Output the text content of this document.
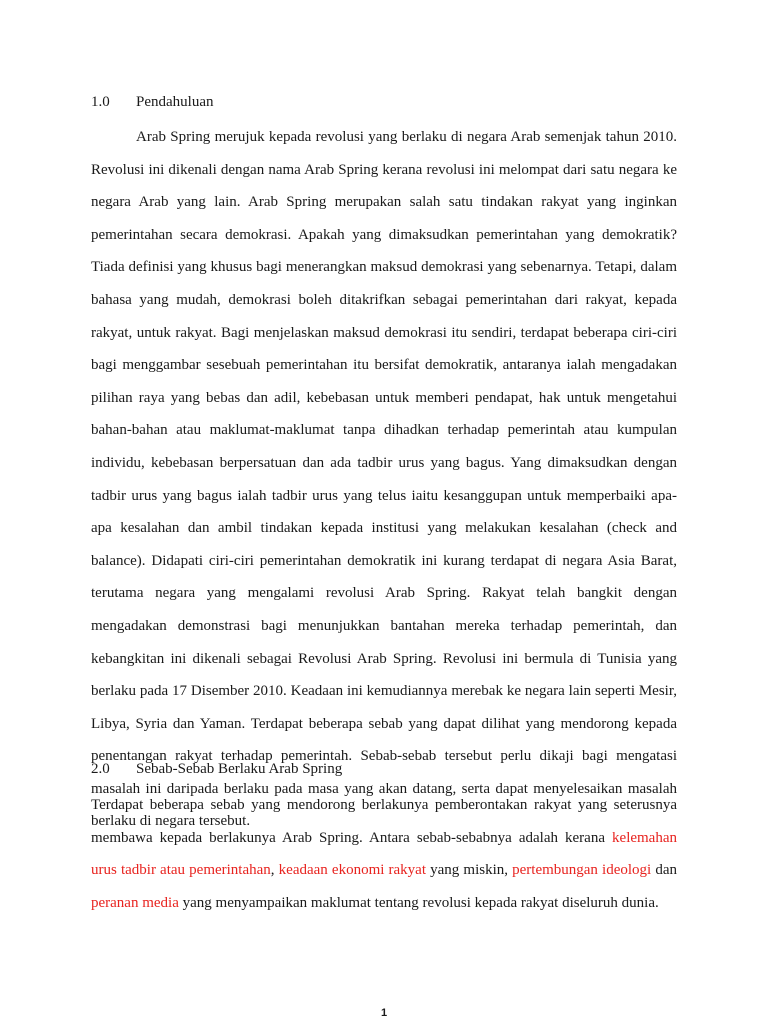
1.0 Pendahuluan

Arab Spring merujuk kepada revolusi yang berlaku di negara Arab semenjak tahun 2010. Revolusi ini dikenali dengan nama Arab Spring kerana revolusi ini melompat dari satu negara ke negara Arab yang lain. Arab Spring merupakan salah satu tindakan rakyat yang inginkan pemerintahan secara demokrasi. Apakah yang dimaksudkan pemerintahan yang demokratik? Tiada definisi yang khusus bagi menerangkan maksud demokrasi yang sebenarnya. Tetapi, dalam bahasa yang mudah, demokrasi boleh ditakrifkan sebagai pemerintahan dari rakyat, kepada rakyat, untuk rakyat. Bagi menjelaskan maksud demokrasi itu sendiri, terdapat beberapa ciri-ciri bagi menggambar sesebuah pemerintahan itu bersifat demokratik, antaranya ialah mengadakan pilihan raya yang bebas dan adil, kebebasan untuk memberi pendapat, hak untuk mengetahui bahan-bahan atau maklumat-maklumat tanpa dihadkan terhadap pemerintah atau kumpulan individu, kebebasan berpersatuan dan ada tadbir urus yang bagus. Yang dimaksudkan dengan tadbir urus yang bagus ialah tadbir urus yang telus iaitu kesanggupan untuk memperbaiki apa-apa kesalahan dan ambil tindakan kepada institusi yang melakukan kesalahan (check and balance). Didapati ciri-ciri pemerintahan demokratik ini kurang terdapat di negara Asia Barat, terutama negara yang mengalami revolusi Arab Spring. Rakyat telah bangkit dengan mengadakan demonstrasi bagi menunjukkan bantahan mereka terhadap pemerintah, dan kebangkitan ini dikenali sebagai Revolusi Arab Spring. Revolusi ini bermula di Tunisia yang berlaku pada 17 Disember 2010. Keadaan ini kemudiannya merebak ke negara lain seperti Mesir, Libya, Syria dan Yaman. Terdapat beberapa sebab yang dapat dilihat yang mendorong kepada penentangan rakyat terhadap pemerintah. Sebab-sebab tersebut perlu dikaji bagi mengatasi masalah ini daripada berlaku pada masa yang akan datang, serta dapat menyelesaikan masalah berlaku di negara tersebut.

2.0 Sebab-Sebab Berlaku Arab Spring

Terdapat beberapa sebab yang mendorong berlakunya pemberontakan rakyat yang seterusnya membawa kepada berlakunya Arab Spring. Antara sebab-sebabnya adalah kerana kelemahan urus tadbir atau pemerintahan, keadaan ekonomi rakyat yang miskin, pertembungan ideologi dan peranan media yang menyampaikan maklumat tentang revolusi kepada rakyat diseluruh dunia.

1
